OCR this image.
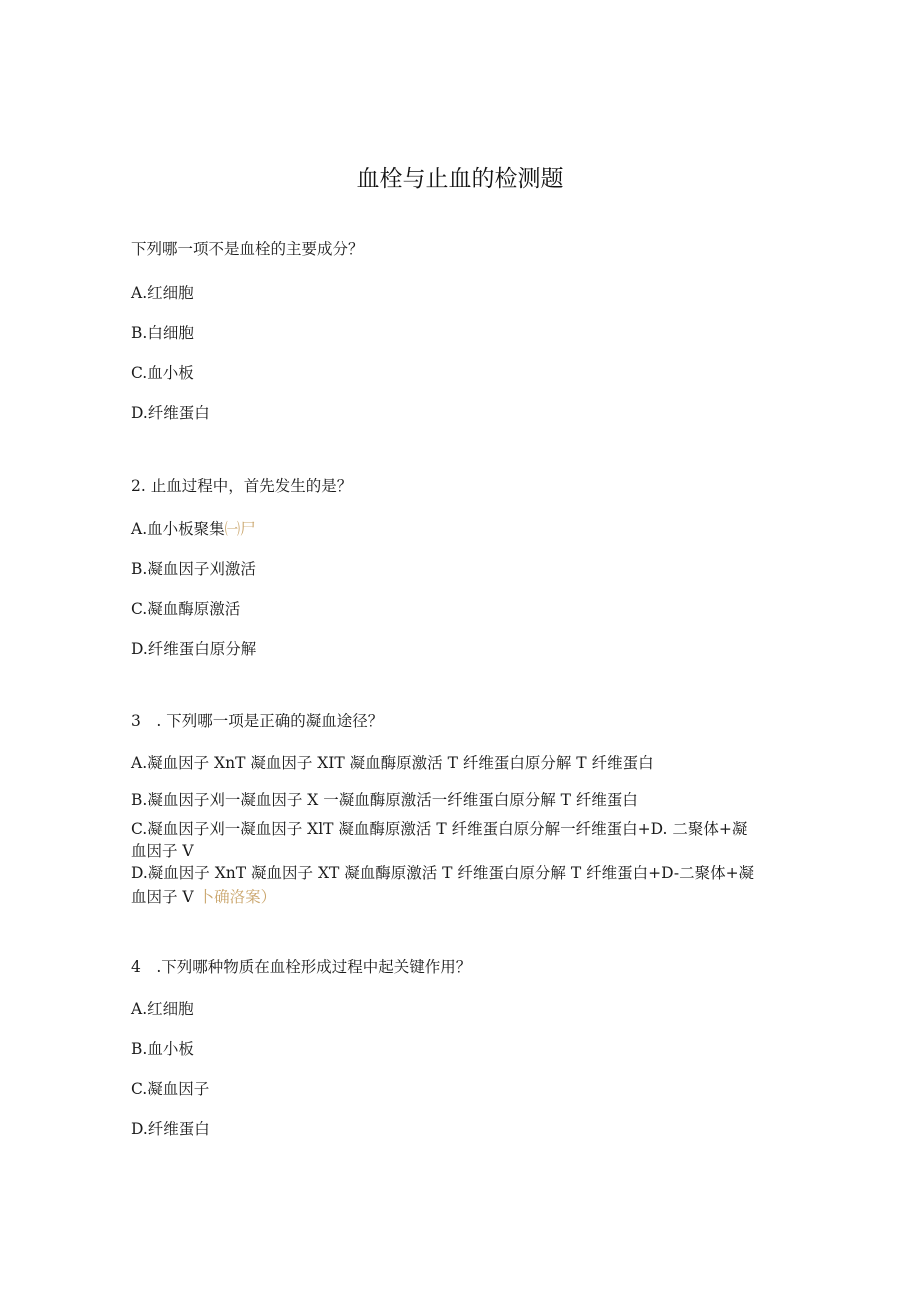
血栓与止血的检测题

下列哪一项不是血栓的主要成分？

A.红细胞

B.白细胞

C.血小板

D.纤维蛋白

2. 止血过程中，首先发生的是？

A.血小板聚集㈠尸

B.凝血因子刈激活

C.凝血酶原激活

D.纤维蛋白原分解

3　. 下列哪一项是正确的凝血途径？

A.凝血因子 XnT 凝血因子 XIT 凝血酶原激活 T 纤维蛋白原分解 T 纤维蛋白

B.凝血因子刈一凝血因子 X 一凝血酶原激活一纤维蛋白原分解 T 纤维蛋白

C.凝血因子刈一凝血因子 XlT 凝血酶原激活 T 纤维蛋白原分解一纤维蛋白+D. 二聚体+凝

血因子 V

D.凝血因子 XnT 凝血因子 XT 凝血酶原激活 T 纤维蛋白原分解 T 纤维蛋白+D-二聚体+凝

血因子 V 卜确洛案）

4　.下列哪种物质在血栓形成过程中起关键作用？

A.红细胞

B.血小板

C.凝血因子

D.纤维蛋白
